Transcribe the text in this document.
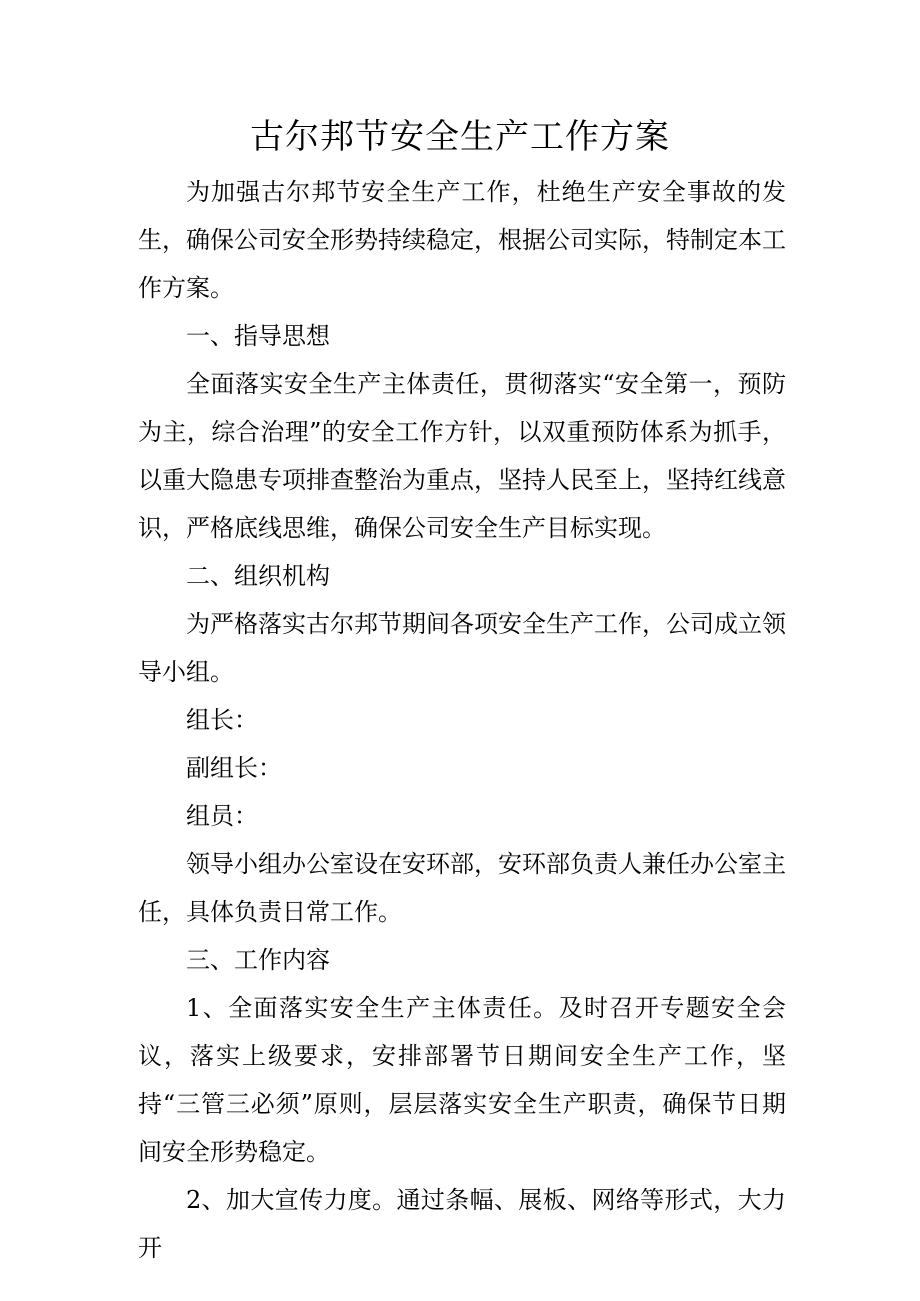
古尔邦节安全生产工作方案

为加强古尔邦节安全生产工作，杜绝生产安全事故的发生，确保公司安全形势持续稳定，根据公司实际，特制定本工作方案。

一、指导思想

全面落实安全生产主体责任，贯彻落实“安全第一，预防为主，综合治理”的安全工作方针，以双重预防体系为抓手，以重大隐患专项排查整治为重点，坚持人民至上，坚持红线意识，严格底线思维，确保公司安全生产目标实现。

二、组织机构

为严格落实古尔邦节期间各项安全生产工作，公司成立领导小组。

组长：

副组长：

组员：

领导小组办公室设在安环部，安环部负责人兼任办公室主任，具体负责日常工作。

三、工作内容

1、全面落实安全生产主体责任。及时召开专题安全会议，落实上级要求，安排部署节日期间安全生产工作，坚持“三管三必须”原则，层层落实安全生产职责，确保节日期间安全形势稳定。

2、加大宣传力度。通过条幅、展板、网络等形式，大力开
